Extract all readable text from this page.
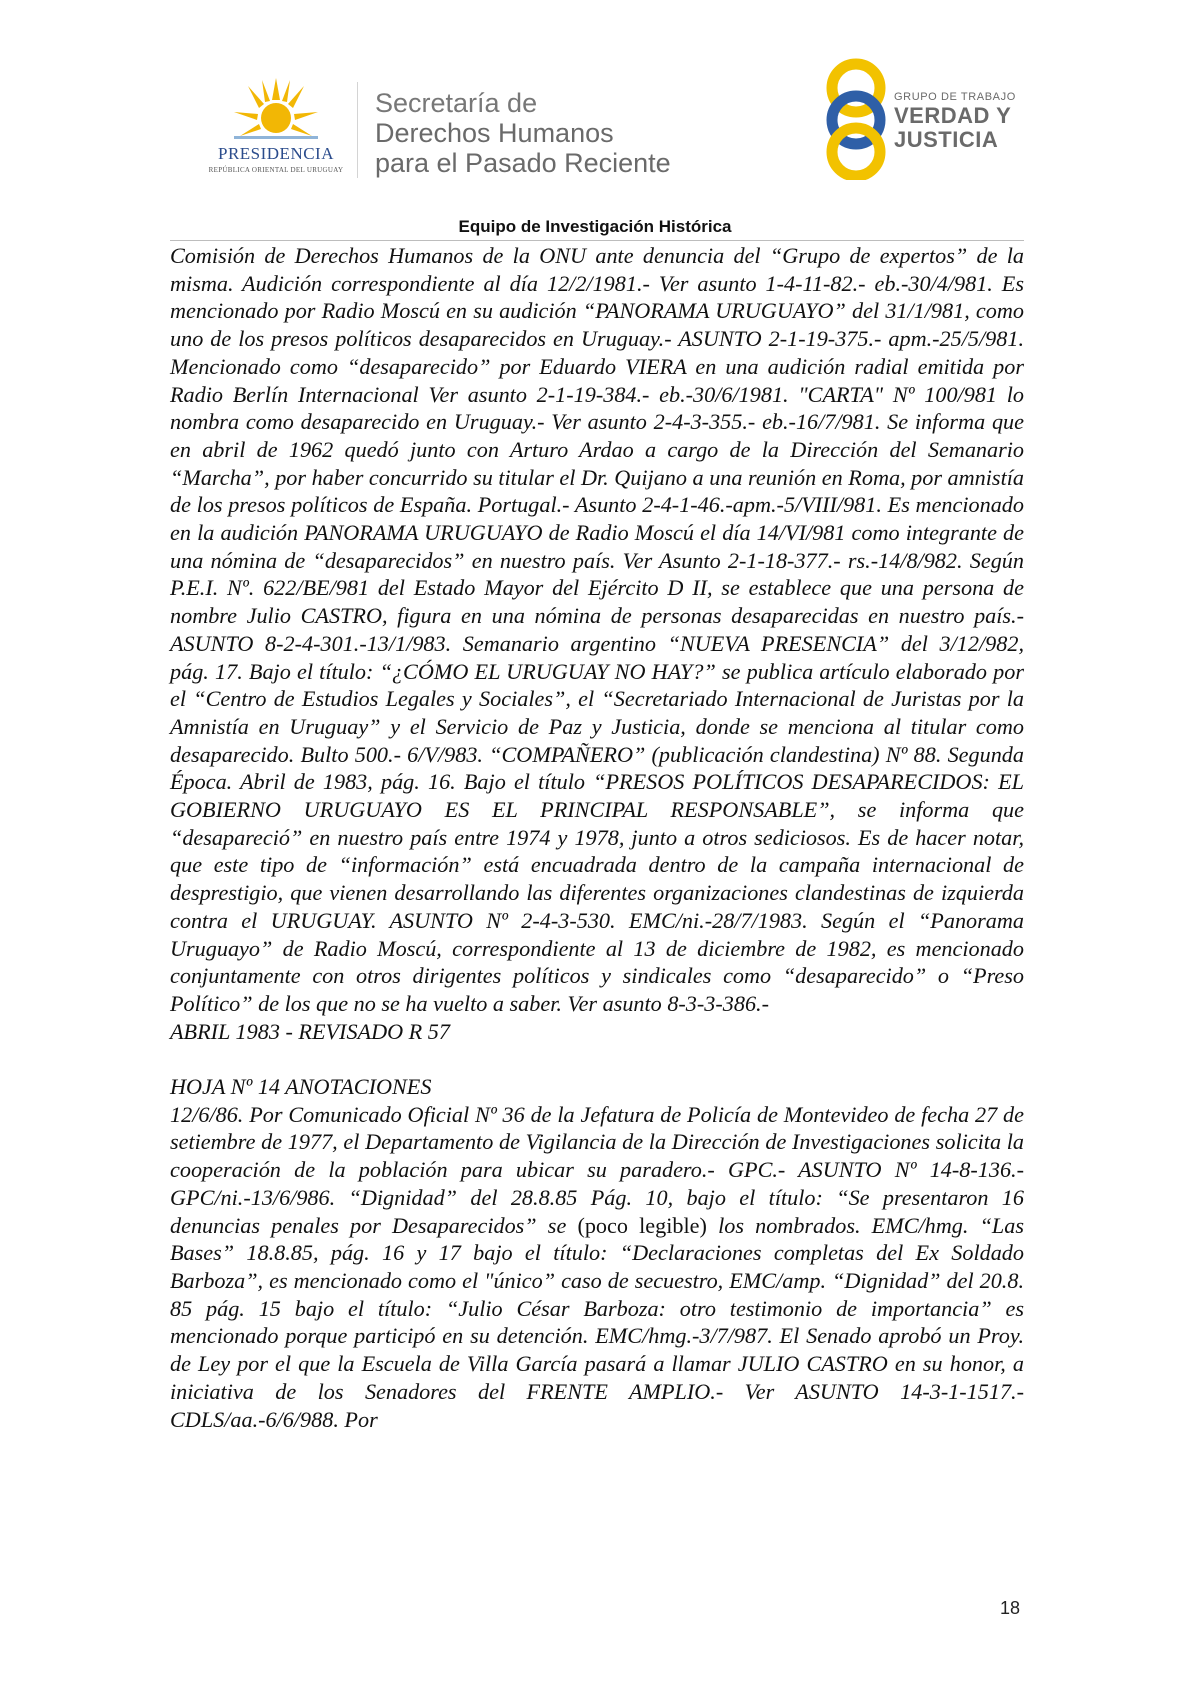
PRESIDENCIA
REPÚBLICA ORIENTAL DEL URUGUAY
Secretaría de
Derechos Humanos
para el Pasado Reciente
GRUPO DE TRABAJO
VERDAD Y
JUSTICIA
Equipo de Investigación Histórica

Comisión de Derechos Humanos de la ONU ante denuncia del “Grupo de expertos” de la misma. Audición correspondiente al día 12/2/1981.- Ver asunto 1-4-11-82.- eb.-30/4/981. Es mencionado por Radio Moscú en su audición “PANORAMA URUGUAYO” del 31/1/981, como uno de los presos políticos desaparecidos en Uruguay.- ASUNTO 2-1-19-375.- apm.-25/5/981. Mencionado como “desaparecido” por Eduardo VIERA en una audición radial emitida por Radio Berlín Internacional Ver asunto 2-1-19-384.- eb.-30/6/1981. "CARTA" Nº 100/981 lo nombra como desaparecido en Uruguay.- Ver asunto 2-4-3-355.- eb.-16/7/981. Se informa que en abril de 1962 quedó junto con Arturo Ardao a cargo de la Dirección del Semanario “Marcha”, por haber concurrido su titular el Dr. Quijano a una reunión en Roma, por amnistía de los presos políticos de España. Portugal.- Asunto 2-4-1-46.-apm.-5/VIII/981. Es mencionado en la audición PANORAMA URUGUAYO de Radio Moscú el día 14/VI/981 como integrante de una nómina de “desaparecidos” en nuestro país. Ver Asunto 2-1-18-377.- rs.-14/8/982. Según P.E.I. Nº. 622/BE/981 del Estado Mayor del Ejército D II, se establece que una persona de nombre Julio CASTRO, figura en una nómina de personas desaparecidas en nuestro país.- ASUNTO 8-2-4-301.-13/1/983. Semanario argentino “NUEVA PRESENCIA” del 3/12/982, pág. 17. Bajo el título: “¿CÓMO EL URUGUAY NO HAY?” se publica artículo elaborado por el “Centro de Estudios Legales y Sociales”, el “Secretariado Internacional de Juristas por la Amnistía en Uruguay” y el Servicio de Paz y Justicia, donde se menciona al titular como desaparecido. Bulto 500.- 6/V/983. “COMPAÑERO” (publicación clandestina) Nº 88. Segunda Época. Abril de 1983, pág. 16. Bajo el título “PRESOS POLÍTICOS DESAPARECIDOS: EL GOBIERNO URUGUAYO ES EL PRINCIPAL RESPONSABLE”, se informa que “desapareció” en nuestro país entre 1974 y 1978, junto a otros sediciosos. Es de hacer notar, que este tipo de “información” está encuadrada dentro de la campaña internacional de desprestigio, que vienen desarrollando las diferentes organizaciones clandestinas de izquierda contra el URUGUAY. ASUNTO Nº 2-4-3-530. EMC/ni.-28/7/1983. Según el “Panorama Uruguayo” de Radio Moscú, correspondiente al 13 de diciembre de 1982, es mencionado conjuntamente con otros dirigentes políticos y sindicales como “desaparecido” o “Preso Político” de los que no se ha vuelto a saber. Ver asunto 8-3-3-386.-

ABRIL 1983 - REVISADO R 57

HOJA Nº 14 ANOTACIONES

12/6/86. Por Comunicado Oficial Nº 36 de la Jefatura de Policía de Montevideo de fecha 27 de setiembre de 1977, el Departamento de Vigilancia de la Dirección de Investigaciones solicita la cooperación de la población para ubicar su paradero.- GPC.- ASUNTO Nº 14-8-136.- GPC/ni.-13/6/986. “Dignidad” del 28.8.85 Pág. 10, bajo el título: “Se presentaron 16 denuncias penales por Desaparecidos” se (poco legible) los nombrados. EMC/hmg. “Las Bases” 18.8.85, pág. 16 y 17 bajo el título: “Declaraciones completas del Ex Soldado Barboza”, es mencionado como el "único” caso de secuestro, EMC/amp. “Dignidad” del 20.8. 85 pág. 15 bajo el título: “Julio César Barboza: otro testimonio de importancia” es mencionado porque participó en su detención. EMC/hmg.-3/7/987. El Senado aprobó un Proy. de Ley por el que la Escuela de Villa García pasará a llamar JULIO CASTRO en su honor, a iniciativa de los Senadores del FRENTE AMPLIO.- Ver ASUNTO 14-3-1-1517.- CDLS/aa.-6/6/988. Por

18
